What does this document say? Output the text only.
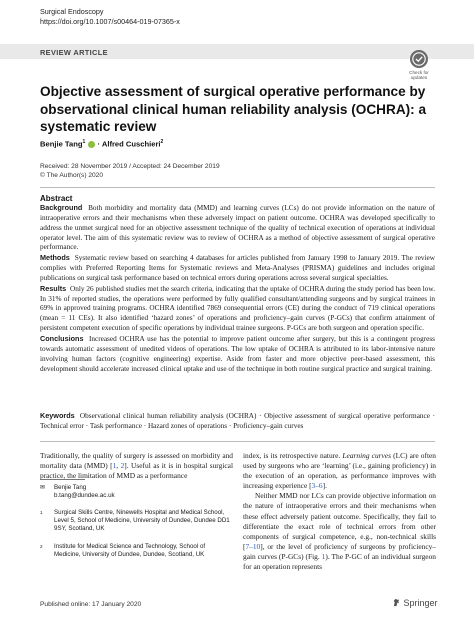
Surgical Endoscopy
https://doi.org/10.1007/s00464-019-07365-x
REVIEW ARTICLE
Check for
updates
Objective assessment of surgical operative performance by observational clinical human reliability analysis (OCHRA): a systematic review
Benjie Tang$^1$  · Alfred Cuschieri$^2$
Received: 28 November 2019 / Accepted: 24 December 2019
© The Author(s) 2020
Abstract

Background Both morbidity and mortality data (MMD) and learning curves (LCs) do not provide information on the nature of intraoperative errors and their mechanisms when these adversely impact on patient outcome. OCHRA was developed specifically to address the unmet surgical need for an objective assessment technique of the quality of technical execution of operations at individual operator level. The aim of this systematic review was to review of OCHRA as a method of objective assessment of surgical operative performance.

Methods Systematic review based on searching 4 databases for articles published from January 1998 to January 2019. The review complies with Preferred Reporting Items for Systematic reviews and Meta-Analyses (PRISMA) guidelines and includes original publications on surgical task performance based on technical errors during operations across several surgical specialties.

Results Only 26 published studies met the search criteria, indicating that the uptake of OCHRA during the study period has been low. In 31% of reported studies, the operations were performed by fully qualified consultant/attending surgeons and by surgical trainees in 69% in approved training programs. OCHRA identified 7869 consequential errors (CE) during the conduct of 719 clinical operations (mean = 11 CEs). It also identified ‘hazard zones’ of operations and proficiency–gain curves (P-GCs) that confirm attainment of persistent competent execution of specific operations by individual trainee surgeons. P-GCs are both surgeon and operation specific.

Conclusions Increased OCHRA use has the potential to improve patient outcome after surgery, but this is a contingent progress towards automatic assessment of unedited videos of operations. The low uptake of OCHRA is attributed to its labor-intensive nature involving human factors (cognitive engineering) expertise. Aside from faster and more objective peer-based assessment, this development should accelerate increased clinical uptake and use of the technique in both routine surgical practice and surgical training.

Keywords Observational clinical human reliability analysis (OCHRA) · Objective assessment of surgical operative performance · Technical error · Task performance · Hazard zones of operations · Proficiency–gain curves

Traditionally, the quality of surgery is assessed on morbidity and mortality data (MMD) [1, 2]. Useful as it is in hospital surgical practice, the limitation of MMD as a performance

✉ Benjie Tang
b.tang@dundee.ac.uk
1 Surgical Skills Centre, Ninewells Hospital and Medical School, Level 5, School of Medicine, University of Dundee, Dundee DD1 9SY, Scotland, UK
2 Institute for Medical Science and Technology, School of Medicine, University of Dundee, Dundee, Scotland, UK

index, is its retrospective nature. Learning curves (LC) are often used by surgeons who are ‘learning’ (i.e., gaining proficiency) in the execution of an operation, as performance improves with increasing experience [3–6].

Neither MMD nor LCs can provide objective information on the nature of intraoperative errors and their mechanisms when these effect adversely patient outcome. Specifically, they fail to differentiate the exact role of technical errors from other components of surgical competence, e.g., non-technical skills [7–10], or the level of proficiency of surgeons by proficiency–gain curves (P-GCs) (Fig. 1). The P-GC of an individual surgeon for an operation represents

Published online: 17 January 2020	Springer
